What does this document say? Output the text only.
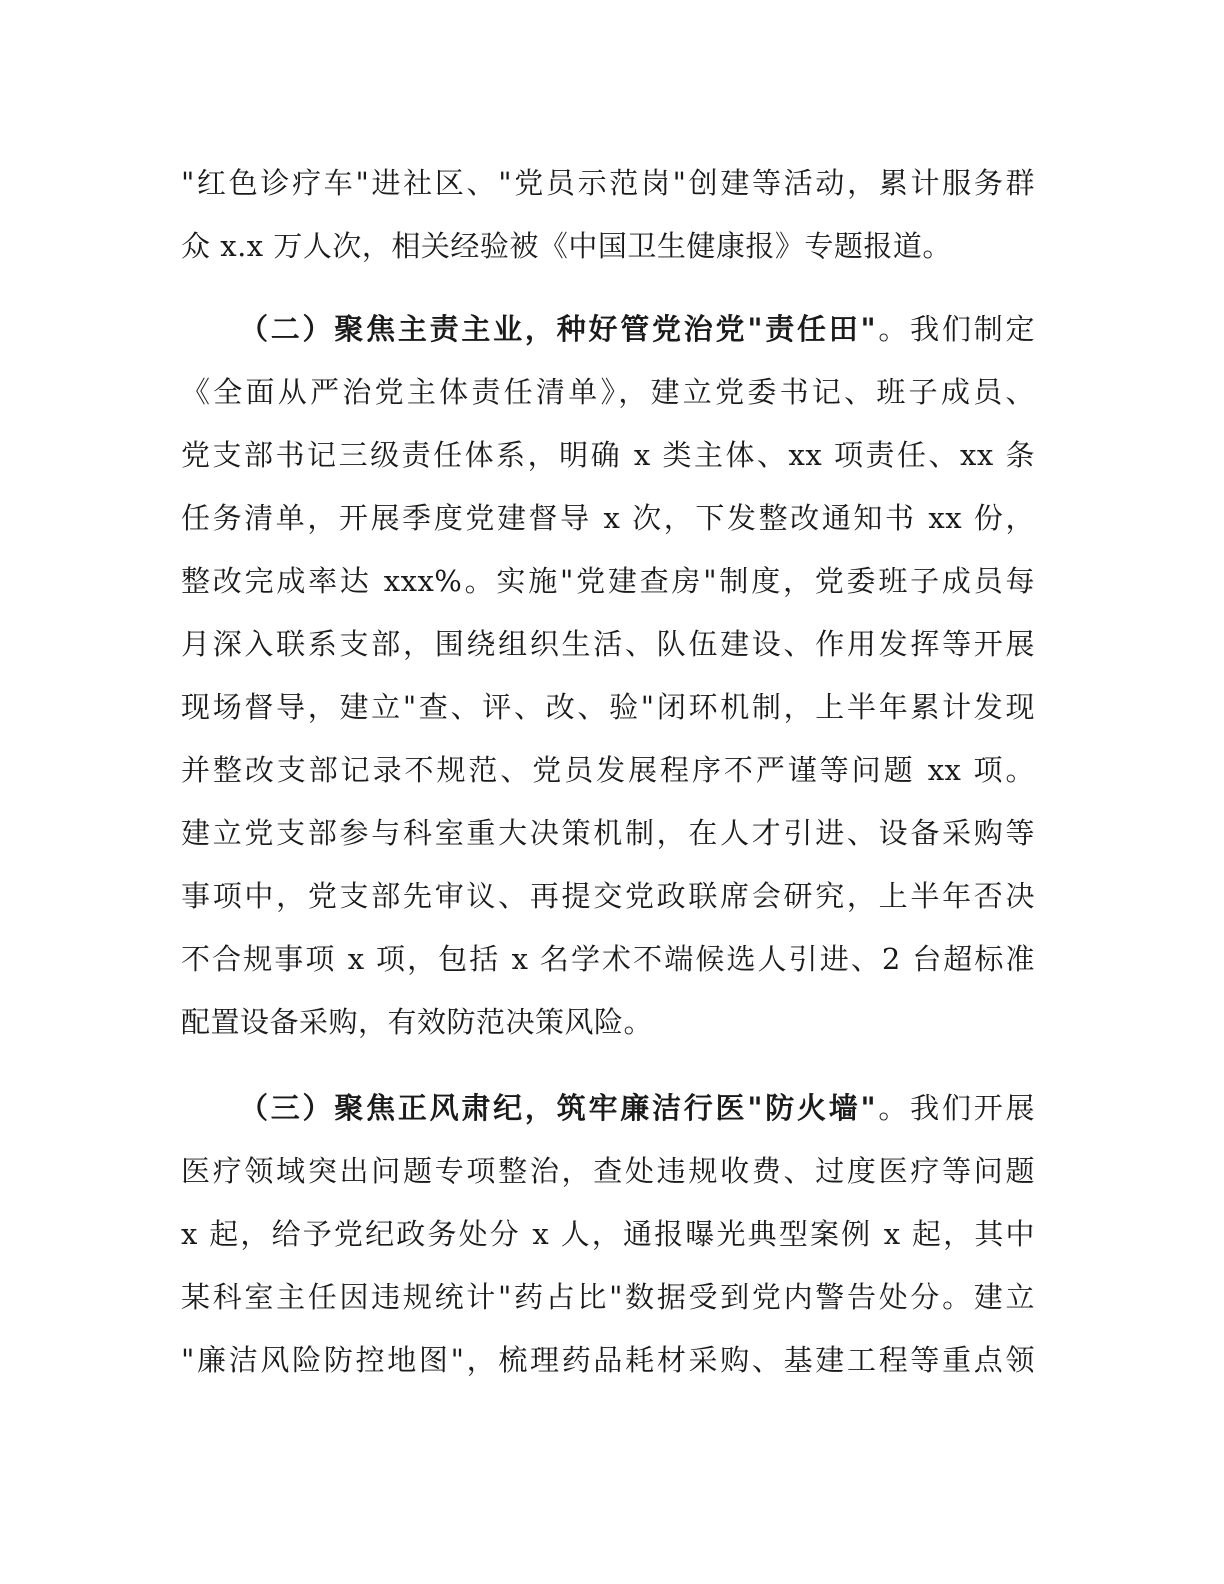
"红色诊疗车"进社区、"党员示范岗"创建等活动，累计服务群
众 x.x 万人次，相关经验被《中国卫生健康报》专题报道。
（二）聚焦主责主业，种好管党治党"责任田"。我们制定
《全面从严治党主体责任清单》，建立党委书记、班子成员、
党支部书记三级责任体系，明确 x 类主体、xx 项责任、xx 条
任务清单，开展季度党建督导 x 次，下发整改通知书 xx 份，
整改完成率达 xxx%。实施"党建查房"制度，党委班子成员每
月深入联系支部，围绕组织生活、队伍建设、作用发挥等开展
现场督导，建立"查、评、改、验"闭环机制，上半年累计发现
并整改支部记录不规范、党员发展程序不严谨等问题 xx 项。
建立党支部参与科室重大决策机制，在人才引进、设备采购等
事项中，党支部先审议、再提交党政联席会研究，上半年否决
不合规事项 x 项，包括 x 名学术不端候选人引进、2 台超标准
配置设备采购，有效防范决策风险。
（三）聚焦正风肃纪，筑牢廉洁行医"防火墙"。我们开展
医疗领域突出问题专项整治，查处违规收费、过度医疗等问题
x 起，给予党纪政务处分 x 人，通报曝光典型案例 x 起，其中
某科室主任因违规统计"药占比"数据受到党内警告处分。建立
"廉洁风险防控地图"，梳理药品耗材采购、基建工程等重点领
